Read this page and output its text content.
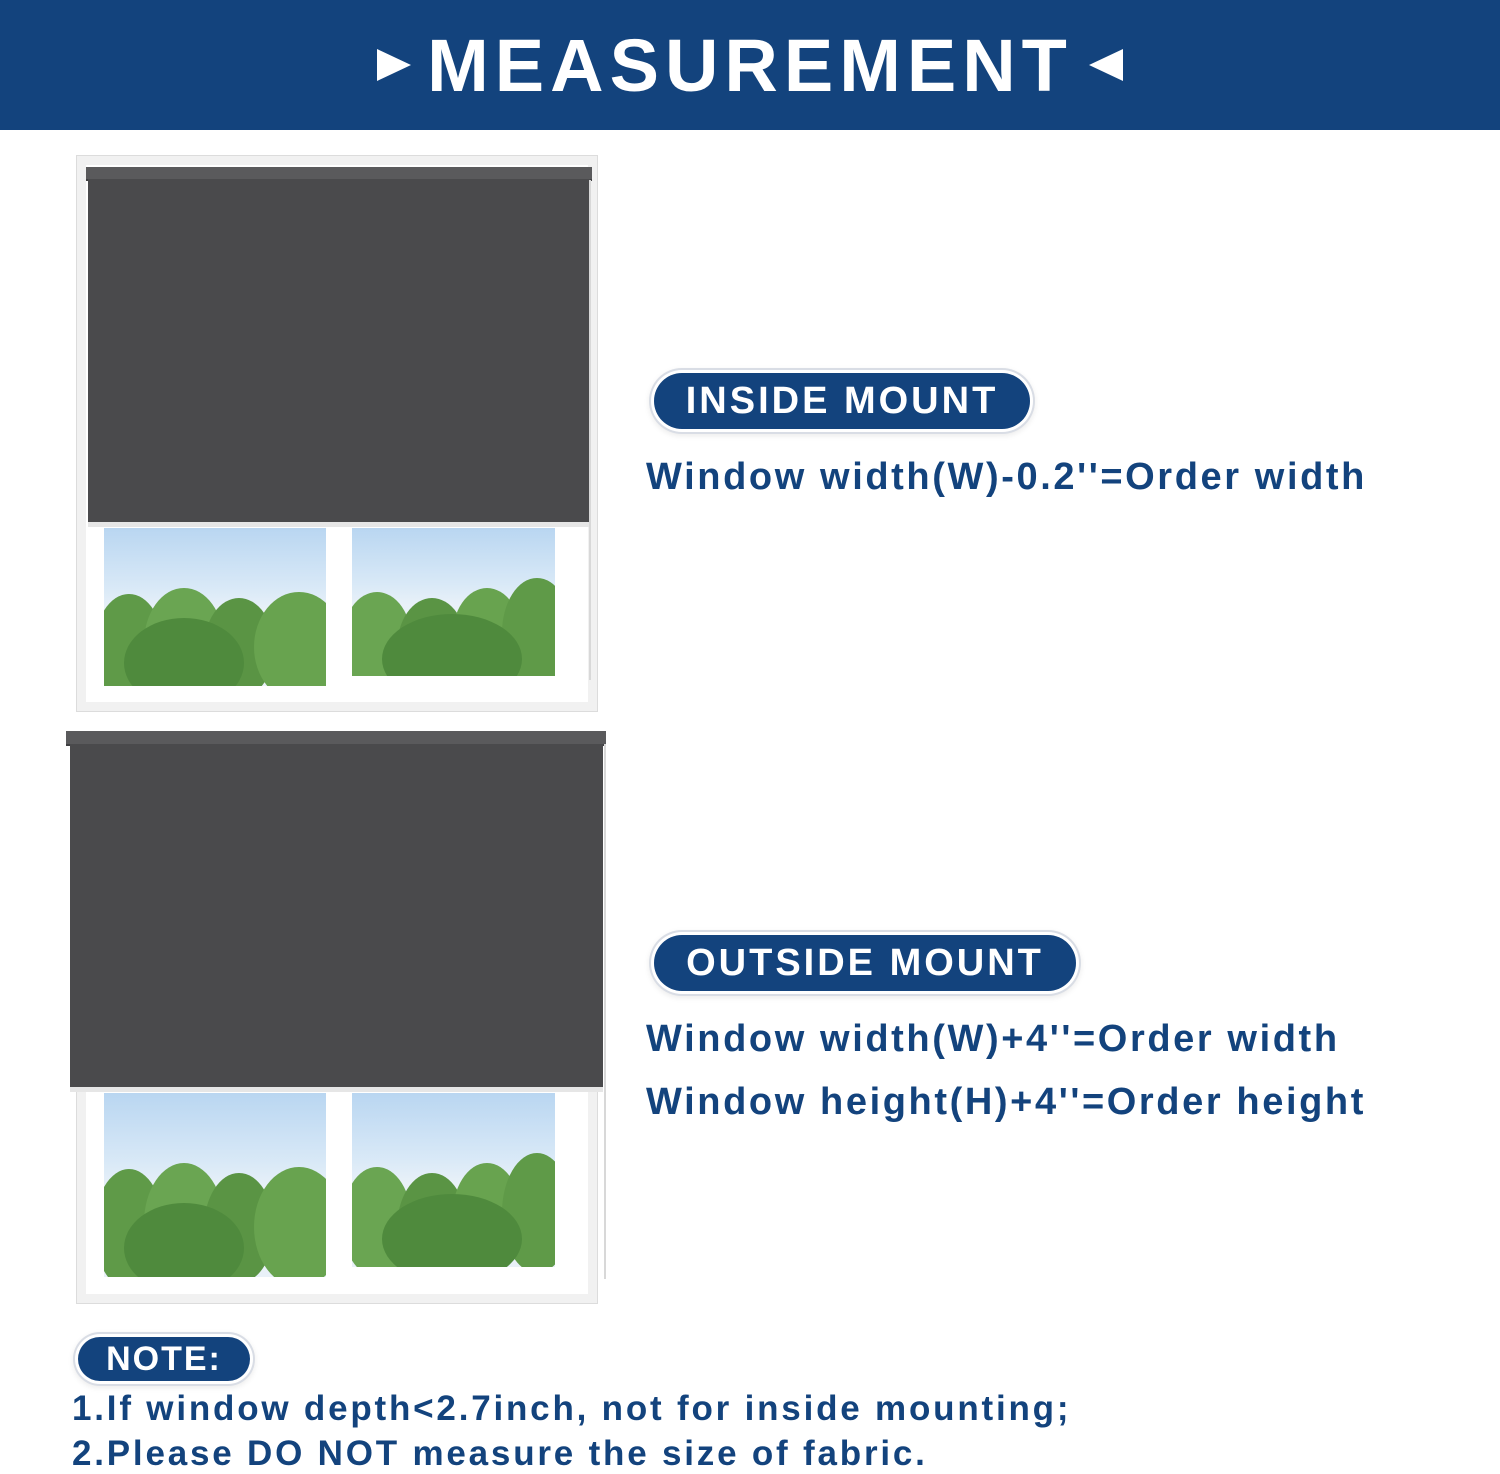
MEASUREMENT
INSIDE MOUNT
Window width(W)-0.2''=Order width
OUTSIDE MOUNT
Window width(W)+4''=Order width
Window height(H)+4''=Order height
NOTE:
1.If window depth<2.7inch, not for inside mounting;
2.Please DO NOT measure the size of fabric.
